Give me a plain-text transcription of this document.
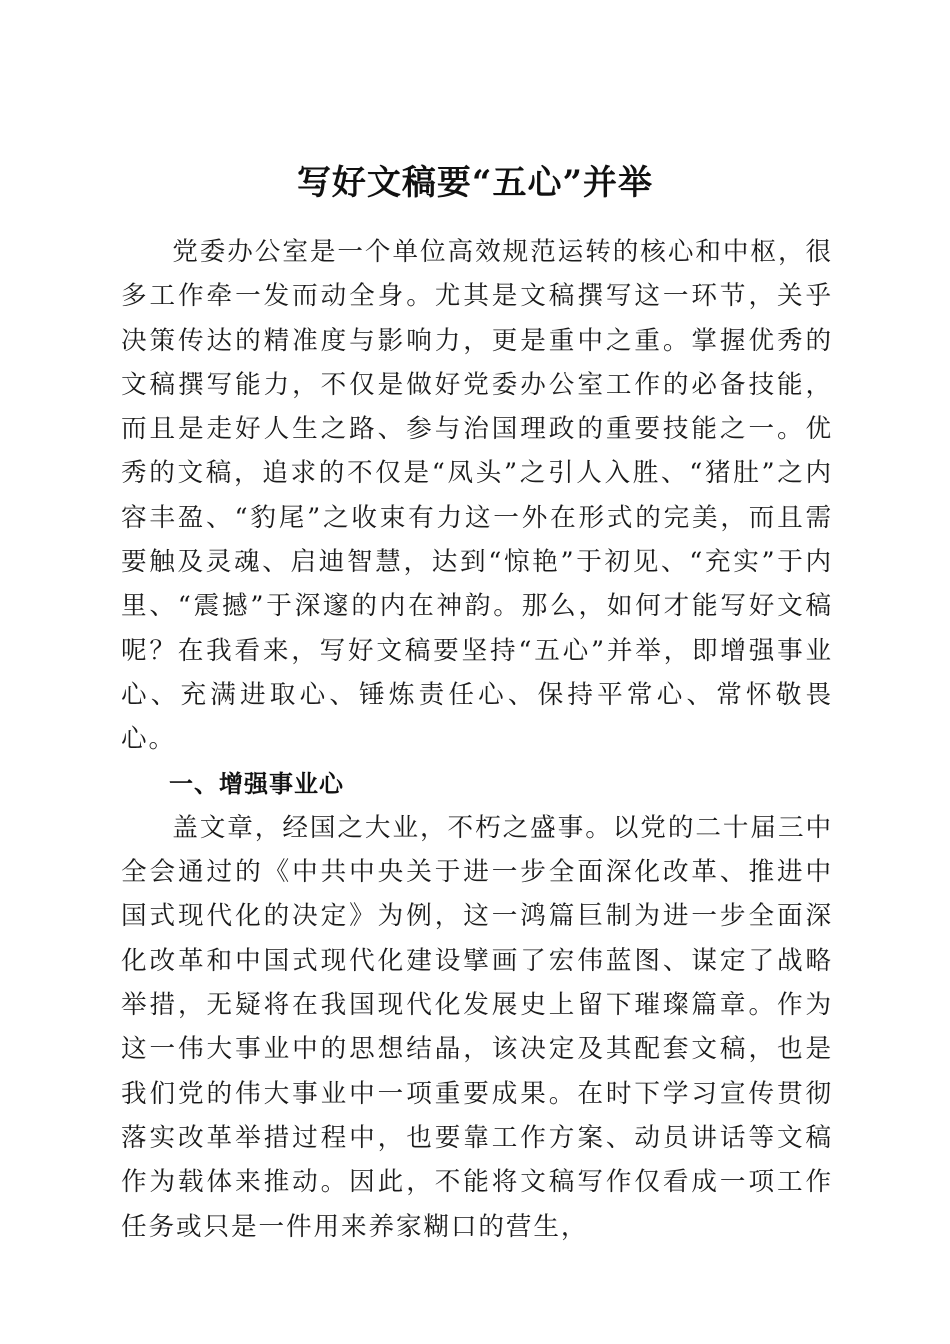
写好文稿要“五心”并举

党委办公室是一个单位高效规范运转的核心和中枢，很多工作牵一发而动全身。尤其是文稿撰写这一环节，关乎决策传达的精准度与影响力，更是重中之重。掌握优秀的文稿撰写能力，不仅是做好党委办公室工作的必备技能，而且是走好人生之路、参与治国理政的重要技能之一。优秀的文稿，追求的不仅是“凤头”之引人入胜、“猪肚”之内容丰盈、“豹尾”之收束有力这一外在形式的完美，而且需要触及灵魂、启迪智慧，达到“惊艳”于初见、“充实”于内里、“震撼”于深邃的内在神韵。那么，如何才能写好文稿呢？在我看来，写好文稿要坚持“五心”并举，即增强事业心、充满进取心、锤炼责任心、保持平常心、常怀敬畏心。

一、增强事业心

盖文章，经国之大业，不朽之盛事。以党的二十届三中全会通过的《中共中央关于进一步全面深化改革、推进中国式现代化的决定》为例，这一鸿篇巨制为进一步全面深化改革和中国式现代化建设擘画了宏伟蓝图、谋定了战略举措，无疑将在我国现代化发展史上留下璀璨篇章。作为这一伟大事业中的思想结晶，该决定及其配套文稿，也是我们党的伟大事业中一项重要成果。在时下学习宣传贯彻落实改革举措过程中，也要靠工作方案、动员讲话等文稿作为载体来推动。因此，不能将文稿写作仅看成一项工作任务或只是一件用来养家糊口的营生，
